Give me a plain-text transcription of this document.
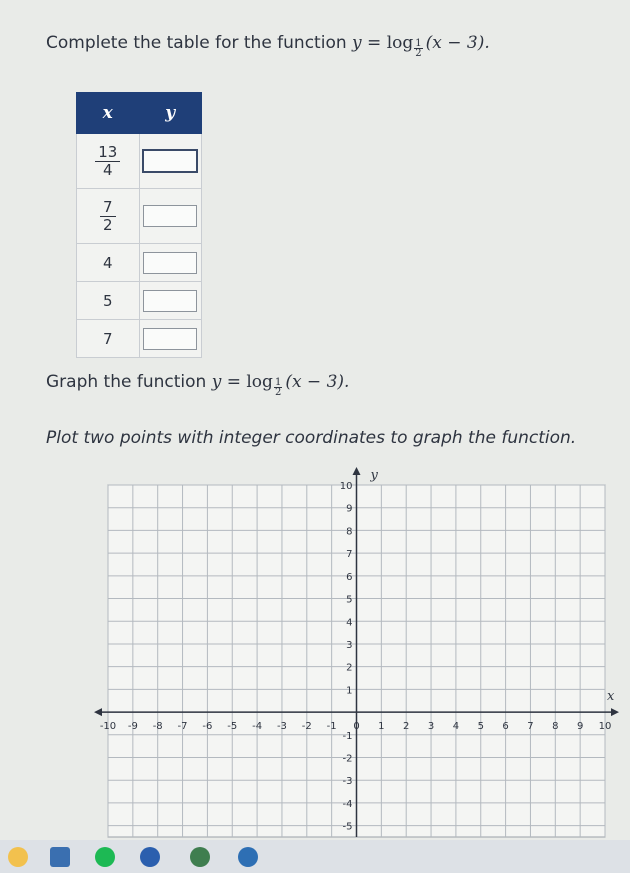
Complete the table for the function $y = \log \frac{1}{2} (x - 3)$.
x	y

$\frac{13}{4}$

$\frac{7}{2}$

4	
5	
7	
Graph the function $y = \log \frac{1}{2} (x - 3)$.
Plot two points with integer coordinates to graph the function.
x
y
-10 -9 -8 -7 -6 -5 -4 -3 -2 -1 0 1 2 3 4 5 6 7 8 9 10
10
9
8
7
6
5
4
3
2
1
-1
-2
-3
-4
-5
